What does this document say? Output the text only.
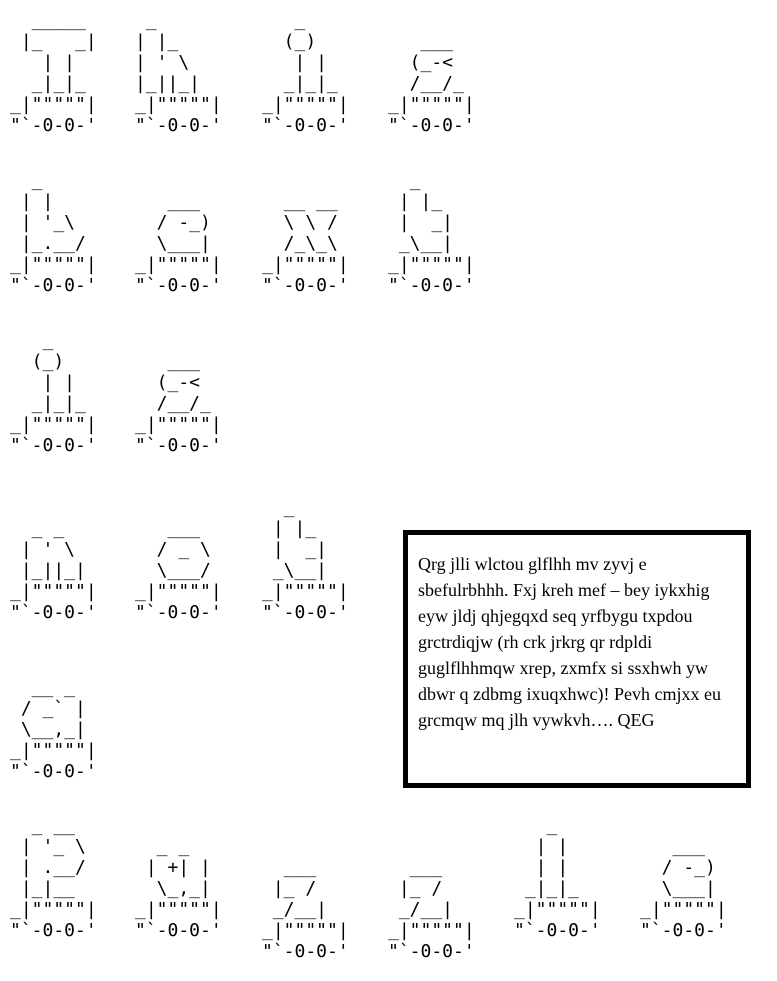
_____
|_   _|
| |
_|_|_
_|"""""|
"`-0-0-'
_
| |_
| ' \
|_||_|
_|"""""|
"`-0-0-'
_
(_)
| |
_|_|_
_|"""""|
"`-0-0-'
___
(_-<
/__/_
_|"""""|
"`-0-0-'
_
| |
| '_\
|_.__/
_|"""""|
"`-0-0-'

___
/ -_)
\___|
_|"""""|
"`-0-0-'

__ __
\ \ /
/_\_\
_|"""""|
"`-0-0-'
_
| |_
|  _|
_\__|
_|"""""|
"`-0-0-'
_
(_)
| |
_|_|_
_|"""""|
"`-0-0-'
___
(_-<
/__/_
_|"""""|
"`-0-0-'

_ _
| ' \
|_||_|
_|"""""|
"`-0-0-'

___
/ _ \
\___/
_|"""""|
"`-0-0-'
_
| |_
|  _|
_\__|
_|"""""|
"`-0-0-'
__ _
/ _` |
\__,_|
_|"""""|
"`-0-0-'
_ __
| '_ \
| .__/
|_|__
_|"""""|
"`-0-0-'

_ _
| +| |
\_,_|
_|"""""|
"`-0-0-'

___
|_ /
_/__|
_|"""""|
"`-0-0-'

___
|_ /
_/__|
_|"""""|
"`-0-0-'
_
| |
| |
_|_|_
_|"""""|
"`-0-0-'

___
/ -_)
\___|
_|"""""|
"`-0-0-'

Qrg jlli wlctou glflhh mv zyvj e sbefulrbhhh. Fxj kreh mef – bey iykxhig eyw jldj qhjegqxd seq yrfbygu txpdou grctrdiqjw (rh crk jrkrg qr rdpldi guglflhhmqw xrep, zxmfx si ssxhwh yw dbwr q zdbmg ixuqxhwc)! Pevh cmjxx eu grcmqw mq jlh vywkvh…. QEG
